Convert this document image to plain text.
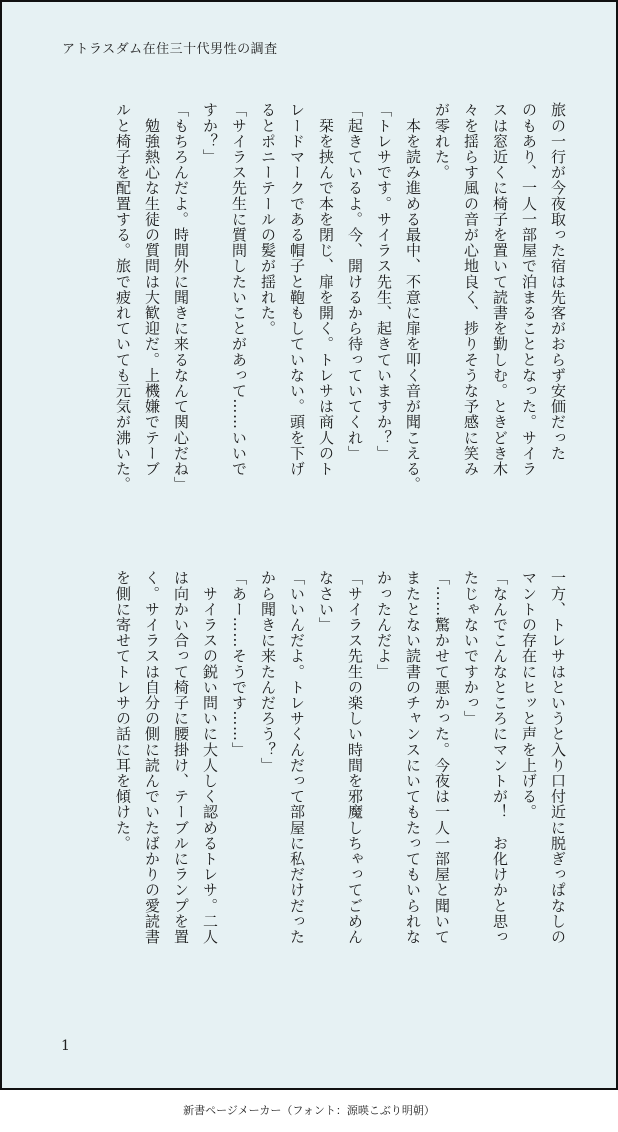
アトラスダム在住三十代男性の調査

旅の一行が今夜取った宿は先客がおらず安価だった

のもあり、一人一部屋で泊まることとなった。サイラ

スは窓近くに椅子を置いて読書を勤しむ。ときどき木

々を揺らす風の音が心地良く、捗りそうな予感に笑み

が零れた。

　本を読み進める最中、不意に扉を叩く音が聞こえる。

「トレサです。サイラス先生、起きていますか？」

「起きているよ。今、開けるから待っていてくれ」

　栞を挟んで本を閉じ、扉を開く。トレサは商人のト

レードマークである帽子と鞄もしていない。頭を下げ

るとポニーテールの髪が揺れた。

「サイラス先生に質問したいことがあって……いいで

すか？」

「もちろんだよ。時間外に聞きに来るなんて関心だね」

　勉強熱心な生徒の質問は大歓迎だ。上機嫌でテーブ

ルと椅子を配置する。旅で疲れていても元気が沸いた。

一方、トレサはというと入り口付近に脱ぎっぱなしの

マントの存在にヒッと声を上げる。

「なんでこんなところにマントが！　お化けかと思っ

たじゃないですかっ」

「……驚かせて悪かった。今夜は一人一部屋と聞いて

またとない読書のチャンスにいてもたってもいられな

かったんだよ」

「サイラス先生の楽しい時間を邪魔しちゃってごめん

なさい」

「いいんだよ。トレサくんだって部屋に私だけだった

から聞きに来たんだろう？」

「あー……そうです……」

　サイラスの鋭い問いに大人しく認めるトレサ。二人

は向かい合って椅子に腰掛け、テーブルにランプを置

く。サイラスは自分の側に読んでいたばかりの愛読書

を側に寄せてトレサの話に耳を傾けた。

1
新書ページメーカー（フォント：源暎こぶり明朝）
